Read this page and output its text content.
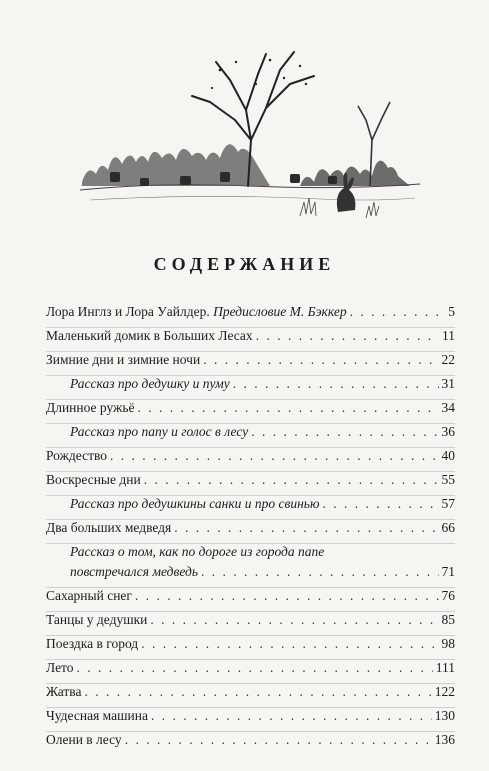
СОДЕРЖАНИЕ
Лора Инглз и Лора Уайлдер. Предисловие М. Бэккер . . .	5
Маленький домик в Больших Лесах . . .	11
Зимние дни и зимние ночи . . .	22
Рассказ про дедушку и пуму . . .	31
Длинное ружьё . . .	34
Рассказ про папу и голос в лесу . . .	36
Рождество . . .	40
Воскресные дни . . .	55
Рассказ про дедушкины санки и про свинью . . .	57
Два больших медведя . . .	66
Рассказ о том, как по дороге из города папе
повстречался медведь . . .	71
Сахарный снег . . .	76
Танцы у дедушки . . .	85
Поездка в город . . .	98
Лето . . .	111
Жатва . . .	122
Чудесная машина . . .	130
Олени в лесу . . .	136
